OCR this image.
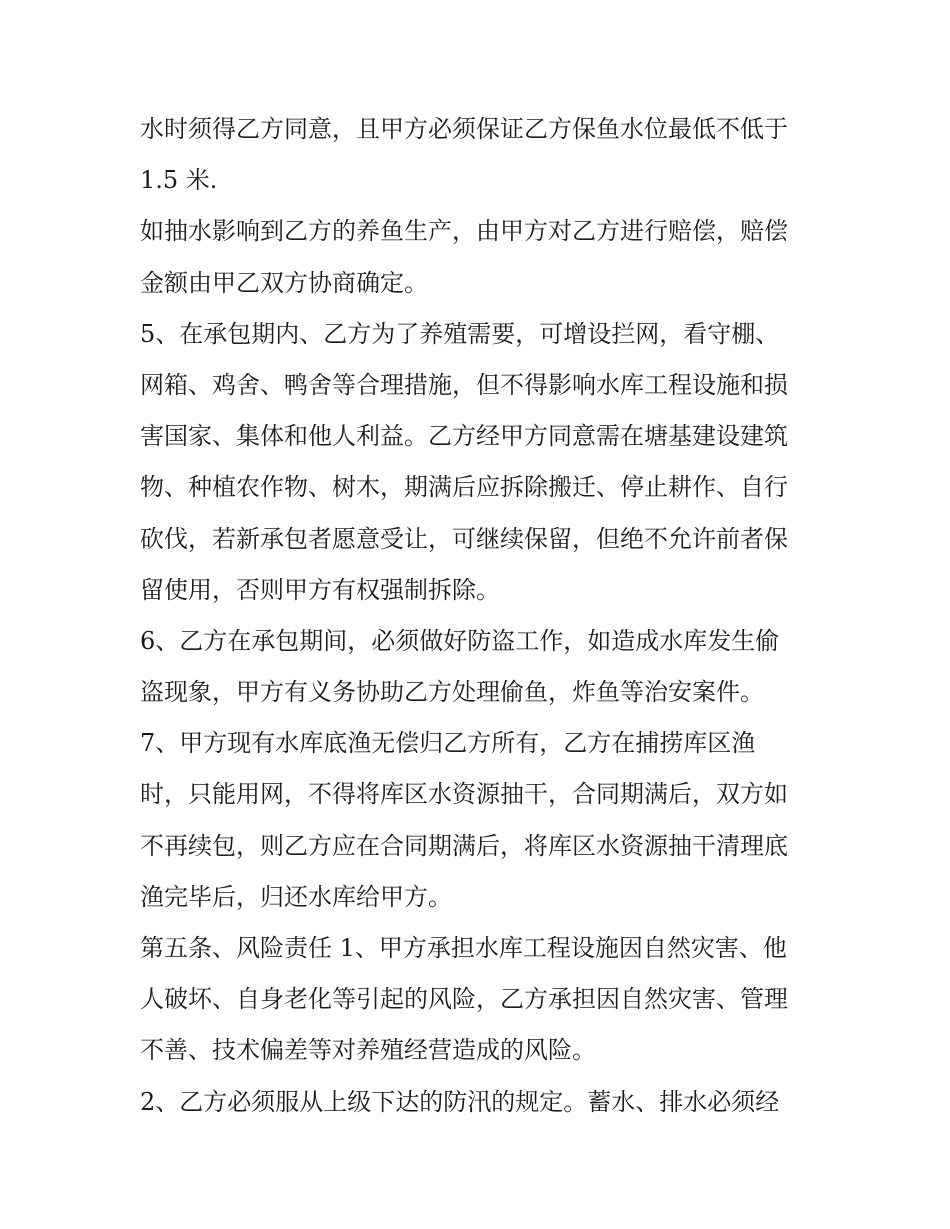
水时须得乙方同意，且甲方必须保证乙方保鱼水位最低不低于
1.5 米.
如抽水影响到乙方的养鱼生产，由甲方对乙方进行赔偿，赔偿
金额由甲乙双方协商确定。
5、在承包期内、乙方为了养殖需要，可增设拦网，看守棚、
网箱、鸡舍、鸭舍等合理措施，但不得影响水库工程设施和损
害国家、集体和他人利益。乙方经甲方同意需在塘基建设建筑
物、种植农作物、树木，期满后应拆除搬迁、停止耕作、自行
砍伐，若新承包者愿意受让，可继续保留，但绝不允许前者保
留使用，否则甲方有权强制拆除。
6、乙方在承包期间，必须做好防盗工作，如造成水库发生偷
盗现象，甲方有义务协助乙方处理偷鱼，炸鱼等治安案件。
7、甲方现有水库底渔无偿归乙方所有，乙方在捕捞库区渔
时，只能用网，不得将库区水资源抽干，合同期满后，双方如
不再续包，则乙方应在合同期满后，将库区水资源抽干清理底
渔完毕后，归还水库给甲方。
第五条、风险责任 1、甲方承担水库工程设施因自然灾害、他
人破坏、自身老化等引起的风险，乙方承担因自然灾害、管理
不善、技术偏差等对养殖经营造成的风险。
2、乙方必须服从上级下达的防汛的规定。蓄水、排水必须经
